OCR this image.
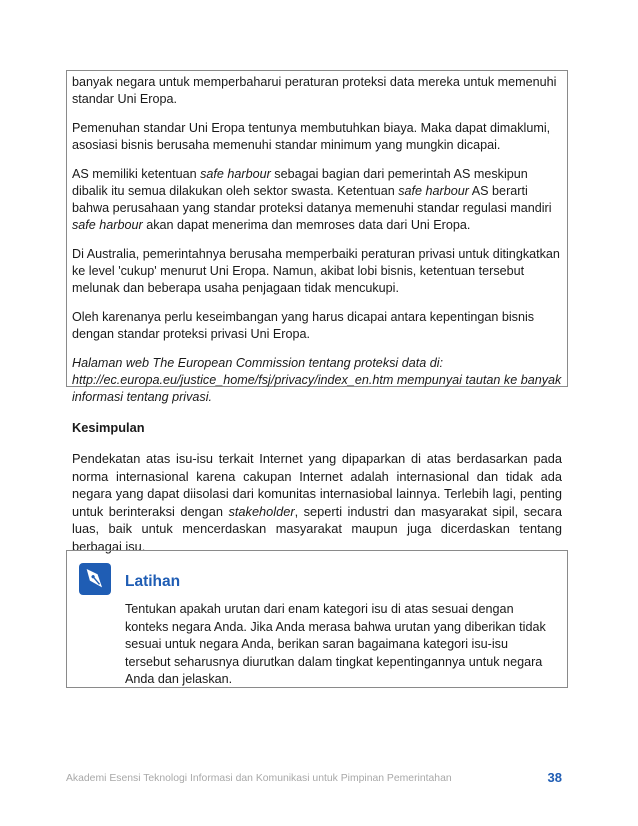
banyak negara untuk memperbaharui peraturan proteksi data mereka untuk memenuhi standar Uni Eropa.

Pemenuhan standar Uni Eropa tentunya membutuhkan biaya. Maka dapat dimaklumi, asosiasi bisnis berusaha memenuhi standar minimum yang mungkin dicapai.

AS memiliki ketentuan safe harbour sebagai bagian dari pemerintah AS meskipun dibalik itu semua dilakukan oleh sektor swasta. Ketentuan safe harbour AS berarti bahwa perusahaan yang standar proteksi datanya memenuhi standar regulasi mandiri safe harbour akan dapat menerima dan memroses data dari Uni Eropa.

Di Australia, pemerintahnya berusaha memperbaiki peraturan privasi untuk ditingkatkan ke level 'cukup' menurut Uni Eropa. Namun, akibat lobi bisnis, ketentuan tersebut melunak dan beberapa usaha penjagaan tidak mencukupi.

Oleh karenanya perlu keseimbangan yang harus dicapai antara kepentingan bisnis dengan standar proteksi privasi Uni Eropa.

Halaman web The European Commission tentang proteksi data di: http://ec.europa.eu/justice_home/fsj/privacy/index_en.htm mempunyai tautan ke banyak informasi tentang privasi.

Kesimpulan

Pendekatan atas isu-isu terkait Internet yang dipaparkan di atas berdasarkan pada norma internasional karena cakupan Internet adalah internasional dan tidak ada negara yang dapat diisolasi dari komunitas internasiobal lainnya. Terlebih lagi, penting untuk berinteraksi dengan stakeholder, seperti industri dan masyarakat sipil, secara luas, baik untuk mencerdaskan masyarakat maupun juga dicerdaskan tentang berbagai isu.

Latihan

Tentukan apakah urutan dari enam kategori isu di atas sesuai dengan konteks negara Anda. Jika Anda merasa bahwa urutan yang diberikan tidak sesuai untuk negara Anda, berikan saran bagaimana kategori isu-isu tersebut seharusnya diurutkan dalam tingkat kepentingannya untuk negara Anda dan jelaskan.

Akademi Esensi Teknologi Informasi dan Komunikasi untuk Pimpinan Pemerintahan	38
